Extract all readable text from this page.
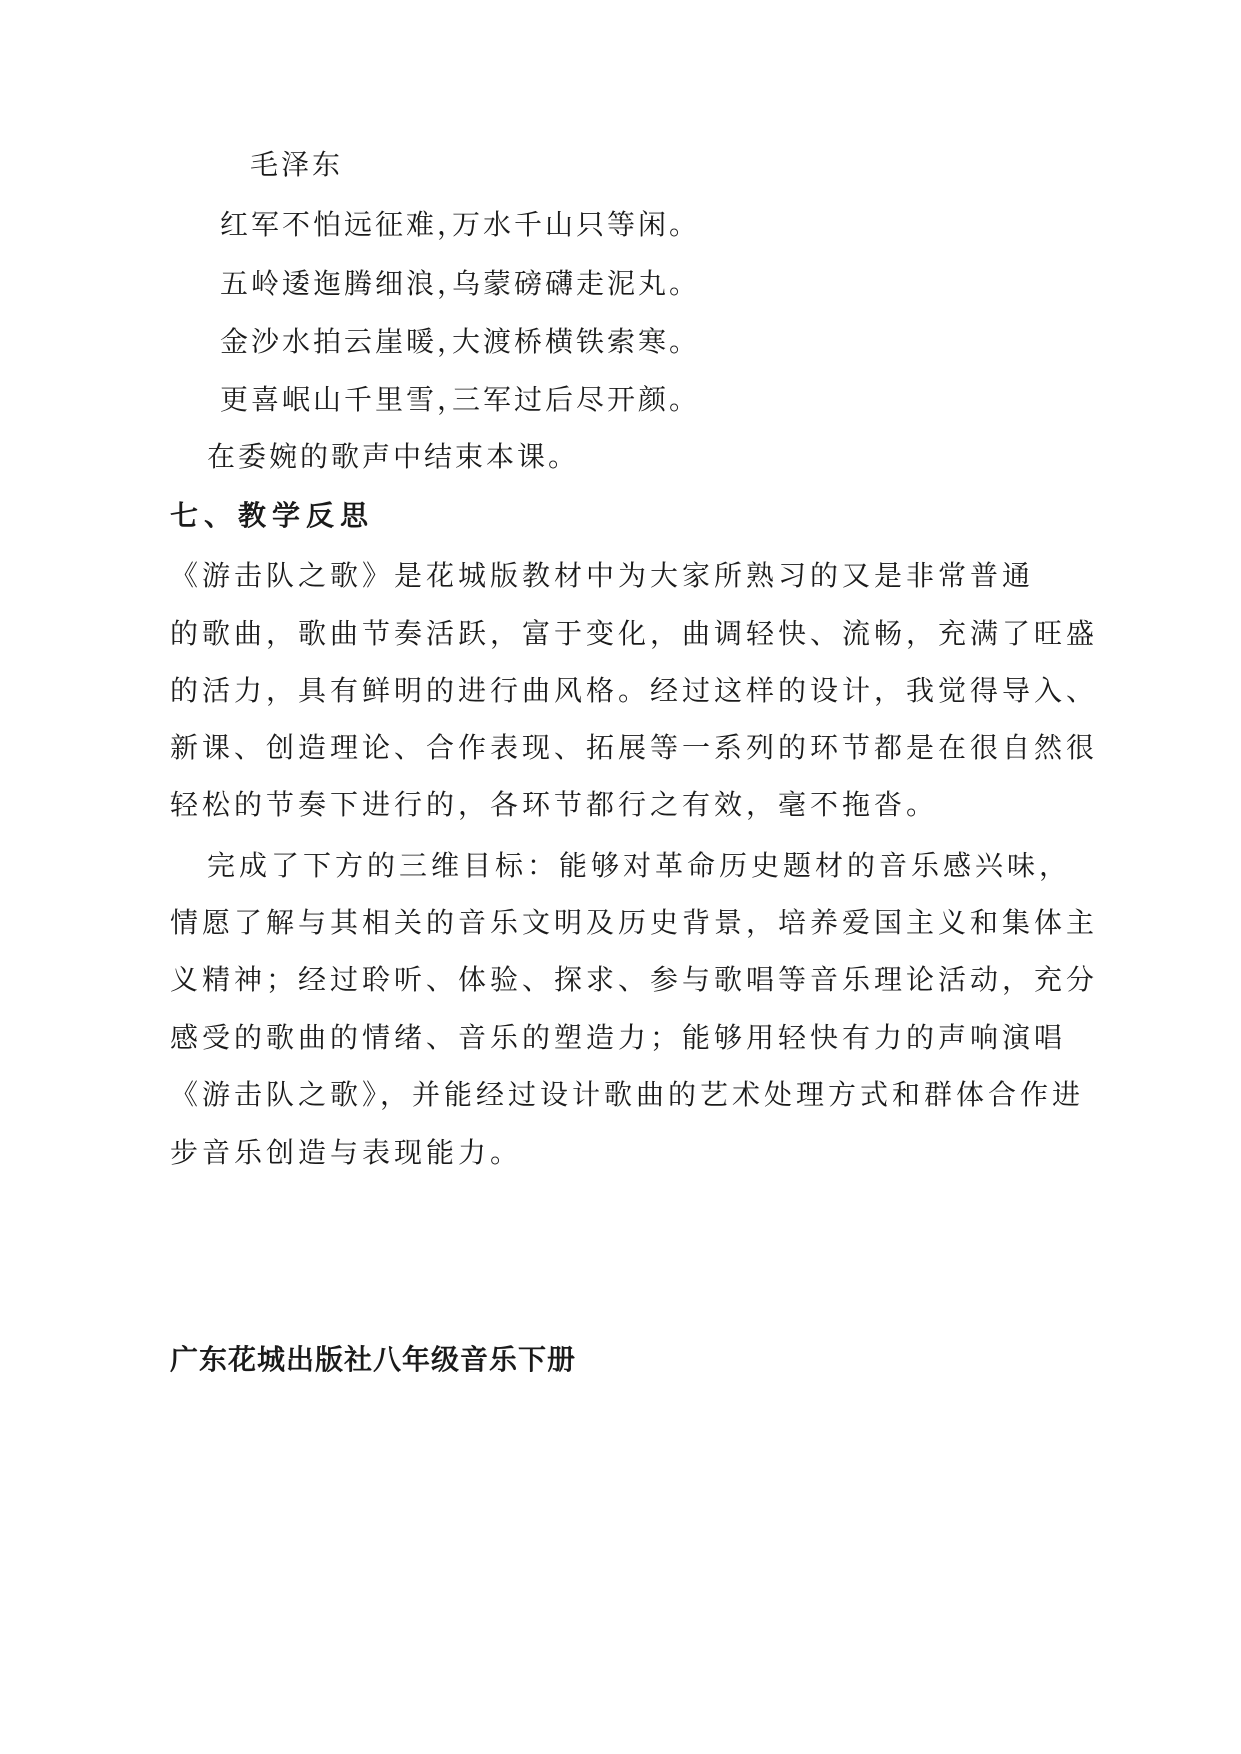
毛泽东
红军不怕远征难，
万水千山只等闲。
五岭逶迤腾细浪，
乌蒙磅礴走泥丸。
金沙水拍云崖暖，
大渡桥横铁索寒。
更喜岷山千里雪，
三军过后尽开颜。
在委婉的歌声中结束本课。
七、教学反思
《游击队之歌》是花城版教材中为大家所熟习的又是非常普通
的歌曲，歌曲节奏活跃，富于变化，曲调轻快、流畅，充满了旺盛
的活力，具有鲜明的进行曲风格。经过这样的设计，我觉得导入、
新课、创造理论、合作表现、拓展等一系列的环节都是在很自然很
轻松的节奏下进行的，各环节都行之有效，毫不拖沓。
完成了下方的三维目标：能够对革命历史题材的音乐感兴味，
情愿了解与其相关的音乐文明及历史背景，培养爱国主义和集体主
义精神；经过聆听、体验、探求、参与歌唱等音乐理论活动，充分
感受的歌曲的情绪、音乐的塑造力；能够用轻快有力的声响演唱
《游击队之歌》，并能经过设计歌曲的艺术处理方式和群体合作进
步音乐创造与表现能力。
广东花城出版社八年级音乐下册
